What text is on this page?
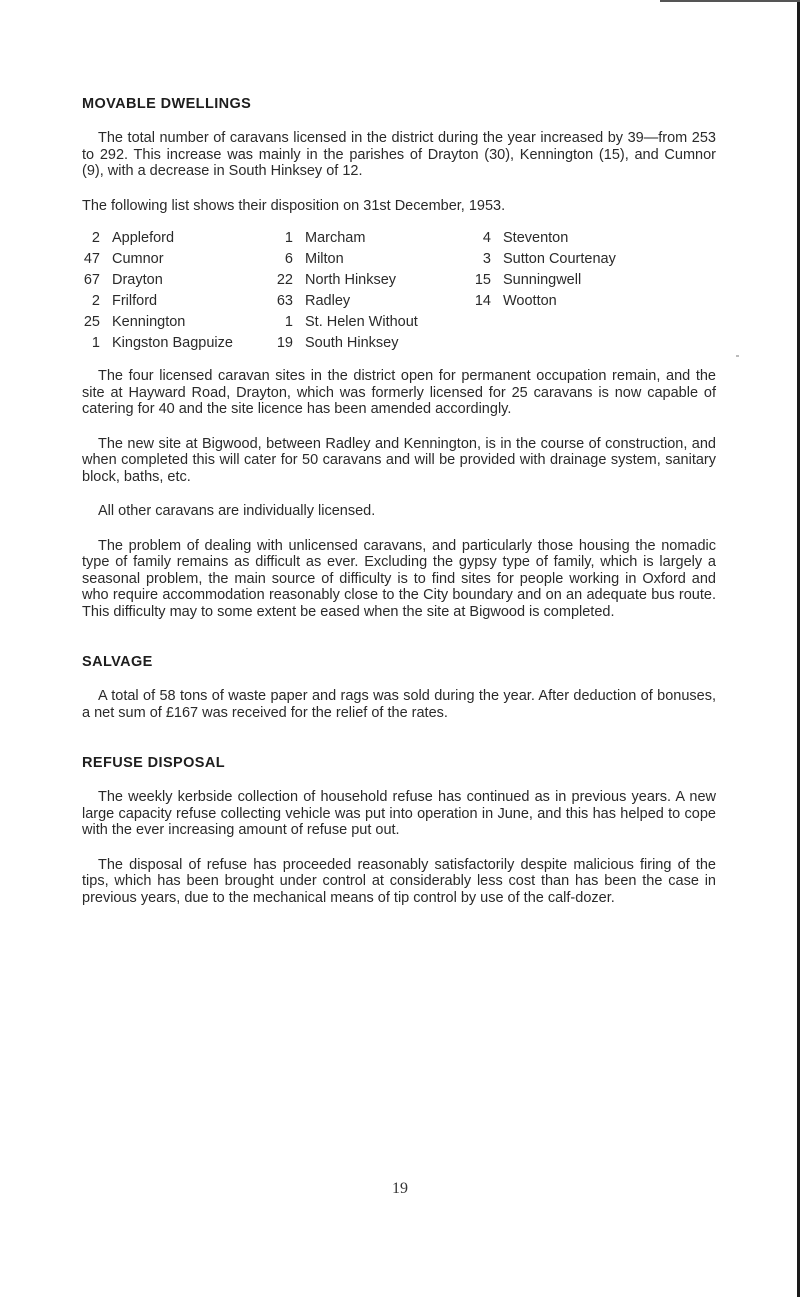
MOVABLE DWELLINGS

The total number of caravans licensed in the district during the year increased by 39—from 253 to 292. This increase was mainly in the parishes of Drayton (30), Kennington (15), and Cumnor (9), with a decrease in South Hinksey of 12.

The following list shows their disposition on 31st December, 1953.

2	Appleford	1	Marcham	4	Steventon
47	Cumnor	6	Milton	3	Sutton Courtenay
67	Drayton	22	North Hinksey	15	Sunningwell
2	Frilford	63	Radley	14	Wootton
25	Kennington	1	St. Helen Without		
1	Kingston Bagpuize	19	South Hinksey		

The four licensed caravan sites in the district open for permanent occupation remain, and the site at Hayward Road, Drayton, which was formerly licensed for 25 caravans is now capable of catering for 40 and the site licence has been amended accordingly.

The new site at Bigwood, between Radley and Kennington, is in the course of construction, and when completed this will cater for 50 caravans and will be provided with drainage system, sanitary block, baths, etc.

All other caravans are individually licensed.

The problem of dealing with unlicensed caravans, and particularly those housing the nomadic type of family remains as difficult as ever. Excluding the gypsy type of family, which is largely a seasonal problem, the main source of difficulty is to find sites for people working in Oxford and who require accommodation reasonably close to the City boundary and on an adequate bus route. This difficulty may to some extent be eased when the site at Bigwood is completed.

SALVAGE

A total of 58 tons of waste paper and rags was sold during the year. After deduction of bonuses, a net sum of £167 was received for the relief of the rates.

REFUSE DISPOSAL

The weekly kerbside collection of household refuse has continued as in previous years. A new large capacity refuse collecting vehicle was put into operation in June, and this has helped to cope with the ever increasing amount of refuse put out.

The disposal of refuse has proceeded reasonably satisfactorily despite malicious firing of the tips, which has been brought under control at considerably less cost than has been the case in previous years, due to the mechanical means of tip control by use of the calf-dozer.

19
